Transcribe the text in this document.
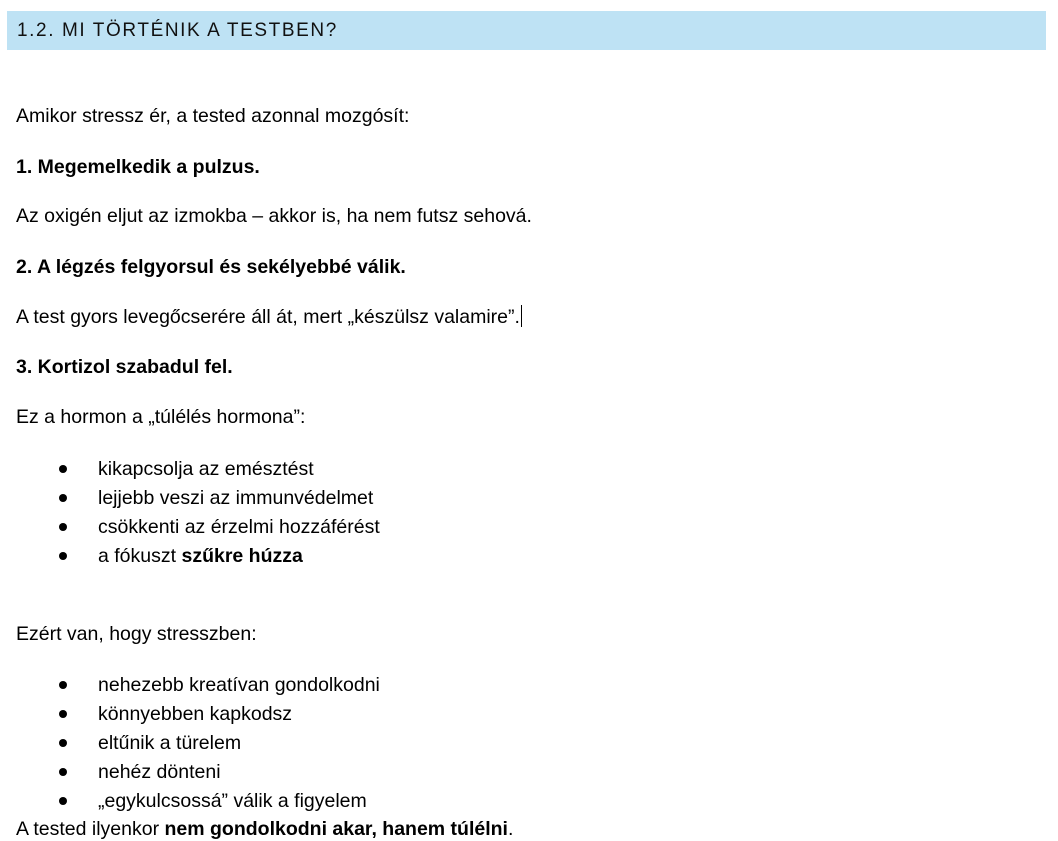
1.2. MI TÖRTÉNIK A TESTBEN?
Amikor stressz ér, a tested azonnal mozgósít:
1. Megemelkedik a pulzus.
Az oxigén eljut az izmokba – akkor is, ha nem futsz sehová.
2. A légzés felgyorsul és sekélyebbé válik.
A test gyors levegőcserére áll át, mert „készülsz valamire”.
3. Kortizol szabadul fel.
Ez a hormon a „túlélés hormona”:
kikapcsolja az emésztést
lejjebb veszi az immunvédelmet
csökkenti az érzelmi hozzáférést
a fókuszt szűkre húzza
Ezért van, hogy stresszben:
nehezebb kreatívan gondolkodni
könnyebben kapkodsz
eltűnik a türelem
nehéz dönteni
„egykulcsossá” válik a figyelem
A tested ilyenkor nem gondolkodni akar, hanem túlélni.
